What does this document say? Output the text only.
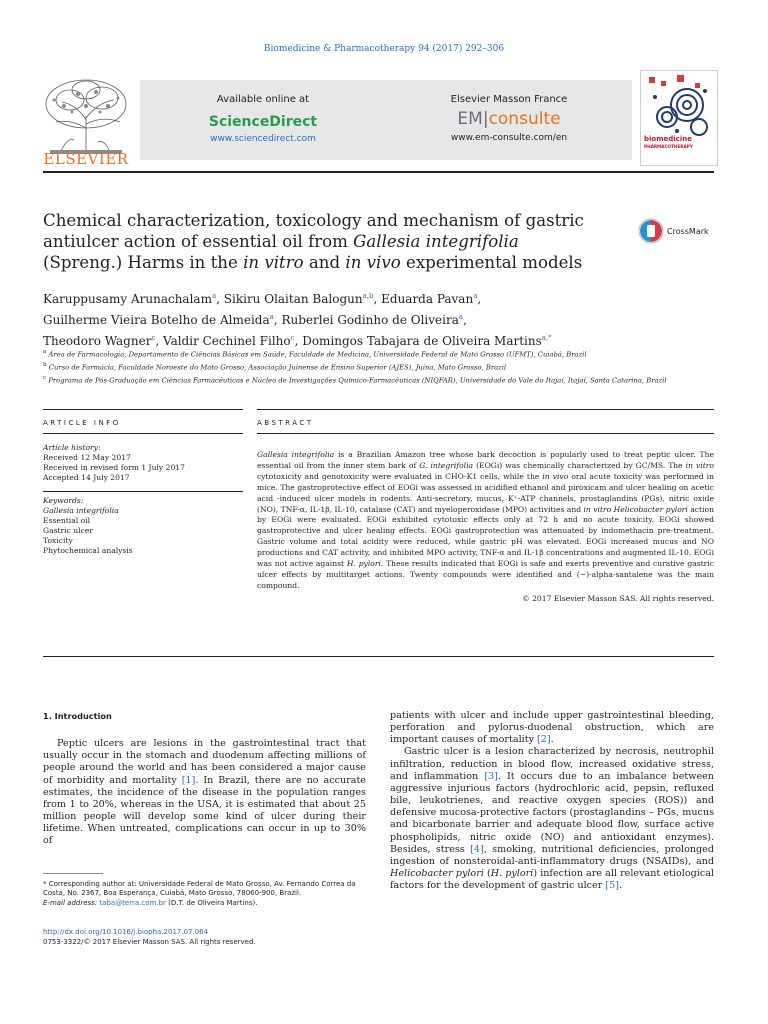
Biomedicine & Pharmacotherapy 94 (2017) 292–306
ELSEVIER
Available online at
ScienceDirect
www.sciencedirect.com
Elsevier Masson France
EM|consulte
www.em-consulte.com/en	biomedicine
PHARMACOTHERAPY
Chemical characterization, toxicology and mechanism of gastric antiulcer action of essential oil from Gallesia integrifolia (Spreng.) Harms in the in vitro and in vivo experimental models
CrossMark
Karuppusamy Arunachalam$^a$, Sikiru Olaitan Balogun$^{a,b}$, Eduarda Pavan$^a$,
Guilherme Vieira Botelho de Almeida$^a$, Ruberlei Godinho de Oliveira$^a$,
Theodoro Wagner$^c$, Valdir Cechinel Filho$^c$, Domingos Tabajara de Oliveira Martins$^{a,*}$
$^a$ Área de Farmacologia, Departamento de Ciências Básicas em Saúde, Faculdade de Medicina, Universidade Federal de Mato Grosso (UFMT), Cuiabá, Brazil
$^b$ Curso de Farmácia, Faculdade Noroeste do Mato Grosso, Associação Juinense de Ensino Superior (AJES), Juína, Mato Grosso, Brazil
$^c$ Programa de Pós-Graduação em Ciências Farmacêuticas e Núcleo de Investigações Químico-Farmacêuticas (NIQFAR), Universidade do Vale do Itajaí, Itajaí, Santa Catarina, Brazil
ARTICLE INFO	ABSTRACT
Article history:
Received 12 May 2017
Received in revised form 1 July 2017
Accepted 14 July 2017
Keywords:
Gallesia integrifolia
Essential oil
Gastric ulcer
Toxicity
Phytochemical analysis
Gallesia integrifolia is a Brazilian Amazon tree whose bark decoction is popularly used to treat peptic ulcer. The essential oil from the inner stem bark of G. integrifolia (EOGi) was chemically characterized by GC/MS. The in vitro cytotoxicity and genotoxicity were evaluated in CHO-K1 cells, while the in vivo oral acute toxicity was performed in mice. The gastroprotective effect of EOGi was assessed in acidified ethanol and piroxicam and ulcer healing on acetic acid -induced ulcer models in rodents. Anti-secretory, mucus, K⁺-ATP channels, prostaglandins (PGs), nitric oxide (NO), TNF-α, IL-1β, IL-10, catalase (CAT) and myeloperoxidase (MPO) activities and in vitro Helicobacter pylori action by EOGi were evaluated. EOGi exhibited cytotoxic effects only at 72 h and no acute toxicity. EOGi showed gastroprotective and ulcer healing effects. EOGi gastroprotection was attenuated by indomethacin pre-treatment. Gastric volume and total acidity were reduced, while gastric pH was elevated. EOGi increased mucus and NO productions and CAT activity, and inhibited MPO activity, TNF-α and IL-1β concentrations and augmented IL-10. EOGi was not active against H. pylori. These results indicated that EOGi is safe and exerts preventive and curative gastric ulcer effects by multitarget actions. Twenty compounds were identified and (−)-alpha-santalene was the main compound.
© 2017 Elsevier Masson SAS. All rights reserved.
1. Introduction

Peptic ulcers are lesions in the gastrointestinal tract that usually occur in the stomach and duodenum affecting millions of people around the world and has been considered a major cause of morbidity and mortality [1]. In Brazil, there are no accurate estimates, the incidence of the disease in the population ranges from 1 to 20%, whereas in the USA, it is estimated that about 25 million people will develop some kind of ulcer during their lifetime. When untreated, complications can occur in up to 30% of

patients with ulcer and include upper gastrointestinal bleeding, perforation and pylorus-duodenal obstruction, which are important causes of mortality [2].

Gastric ulcer is a lesion characterized by necrosis, neutrophil infiltration, reduction in blood flow, increased oxidative stress, and inflammation [3]. It occurs due to an imbalance between aggressive injurious factors (hydrochloric acid, pepsin, refluxed bile, leukotrienes, and reactive oxygen species (ROS)) and defensive mucosa-protective factors (prostaglandins – PGs, mucus and bicarbonate barrier and adequate blood flow, surface active phospholipids, nitric oxide (NO) and antioxidant enzymes). Besides, stress [4], smoking, nutritional deficiencies, prolonged ingestion of nonsteroidal-anti-inflammatory drugs (NSAIDs), and Helicobacter pylori (H. pylori) infection are all relevant etiological factors for the development of gastric ulcer [5].

* Corresponding author at: Universidade Federal de Mato Grosso, Av. Fernando Correa da Costa, No. 2367, Boa Esperança, Cuiabá, Mato Grosso, 78060-900, Brazil.
E-mail address: taba@terra.com.br (D.T. de Oliveira Martins).
http://dx.doi.org/10.1016/j.biopha.2017.07.064
0753-3322/© 2017 Elsevier Masson SAS. All rights reserved.
